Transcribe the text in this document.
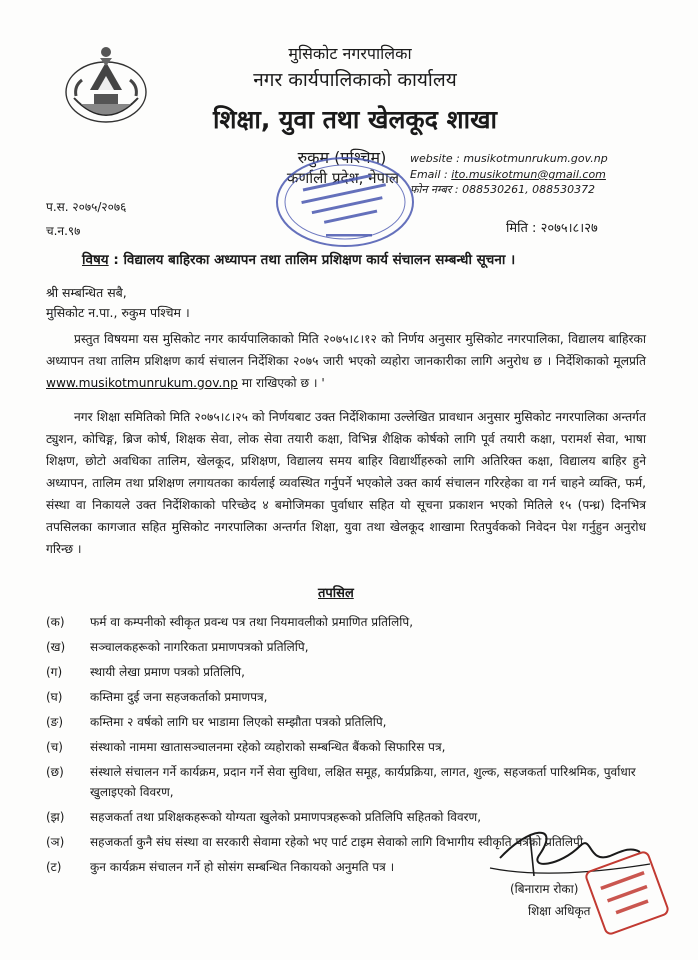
मुसिकोट नगरपालिका
नगर कार्यपालिकाको कार्यालय
शिक्षा, युवा तथा खेलकूद शाखा
रुकुम (पश्चिम)
कर्णाली प्रदेश, नेपाल
website : musikotmunrukum.gov.np
Email : ito.musikotmun@gmail.com
फोन नम्बर : 088530261, 088530372
प.स. २०७५/२०७६
च.न.९७	मिति : २०७५।८।२७
विषय : विद्यालय बाहिरका अध्यापन तथा तालिम प्रशिक्षण कार्य संचालन सम्बन्धी सूचना ।
श्री सम्बन्धित सबै,
मुसिकोट न.पा., रुकुम पश्चिम ।

प्रस्तुत विषयमा यस मुसिकोट नगर कार्यपालिकाको मिति २०७५।८।१२ को निर्णय अनुसार मुसिकोट नगरपालिका, विद्यालय बाहिरका अध्यापन तथा तालिम प्रशिक्षण कार्य संचालन निर्देशिका २०७५ जारी भएको व्यहोरा जानकारीका लागि अनुरोध छ । निर्देशिकाको मूलप्रति www.musikotmunrukum.gov.np मा राखिएको छ । '

नगर शिक्षा समितिको मिति २०७५।८।२५ को निर्णयबाट उक्त निर्देशिकामा उल्लेखित प्रावधान अनुसार मुसिकोट नगरपालिका अन्तर्गत ट्युशन, कोचिङ्ग, ब्रिज कोर्ष, शिक्षक सेवा, लोक सेवा तयारी कक्षा, विभिन्न शैक्षिक कोर्षको लागि पूर्व तयारी कक्षा, परामर्श सेवा, भाषा शिक्षण, छोटो अवधिका तालिम, खेलकूद, प्रशिक्षण, विद्यालय समय बाहिर विद्यार्थीहरुको लागि अतिरिक्त कक्षा, विद्यालय बाहिर हुने अध्यापन, तालिम तथा प्रशिक्षण लगायतका कार्यलाई व्यवस्थित गर्नुपर्ने भएकोले उक्त कार्य संचालन गरिरहेका वा गर्न चाहने व्यक्ति, फर्म, संस्था वा निकायले उक्त निर्देशिकाको परिच्छेद ४ बमोजिमका पुर्वाधार सहित यो सूचना प्रकाशन भएको मितिले १५ (पन्ध्र) दिनभित्र तपसिलका कागजात सहित मुसिकोट नगरपालिका अन्तर्गत शिक्षा, युवा तथा खेलकूद शाखामा रितपुर्वकको निवेदन पेश गर्नुहुन अनुरोध गरिन्छ ।

तपसिल
(क)	फर्म वा कम्पनीको स्वीकृत प्रवन्ध पत्र तथा नियमावलीको प्रमाणित प्रतिलिपि,
(ख)	सञ्चालकहरूको नागरिकता प्रमाणपत्रको प्रतिलिपि,
(ग)	स्थायी लेखा प्रमाण पत्रको प्रतिलिपि,
(घ)	कम्तिमा दुई जना सहजकर्ताको प्रमाणपत्र,
(ङ)	कम्तिमा २ वर्षको लागि घर भाडामा लिएको सम्झौता पत्रको प्रतिलिपि,
(च)	संस्थाको नाममा खातासञ्चालनमा रहेको व्यहोराको सम्बन्धित बैंकको सिफारिस पत्र,
(छ)	संस्थाले संचालन गर्ने कार्यक्रम, प्रदान गर्ने सेवा सुविधा, लक्षित समूह, कार्यप्रक्रिया, लागत, शुल्क, सहजकर्ता पारिश्रमिक, पुर्वाधार खुलाइएको विवरण,
(झ)	सहजकर्ता तथा प्रशिक्षकहरूको योग्यता खुलेको प्रमाणपत्रहरूको प्रतिलिपि सहितको विवरण,
(ञ)	सहजकर्ता कुनै संघ संस्था वा सरकारी सेवामा रहेको भए पार्ट टाइम सेवाको लागि विभागीय स्वीकृति पत्रको प्रतिलिपी
(ट)	कुन कार्यक्रम संचालन गर्ने हो सोसंग सम्बन्धित निकायको अनुमति पत्र ।
(बिनाराम रोका)
शिक्षा अधिकृत
